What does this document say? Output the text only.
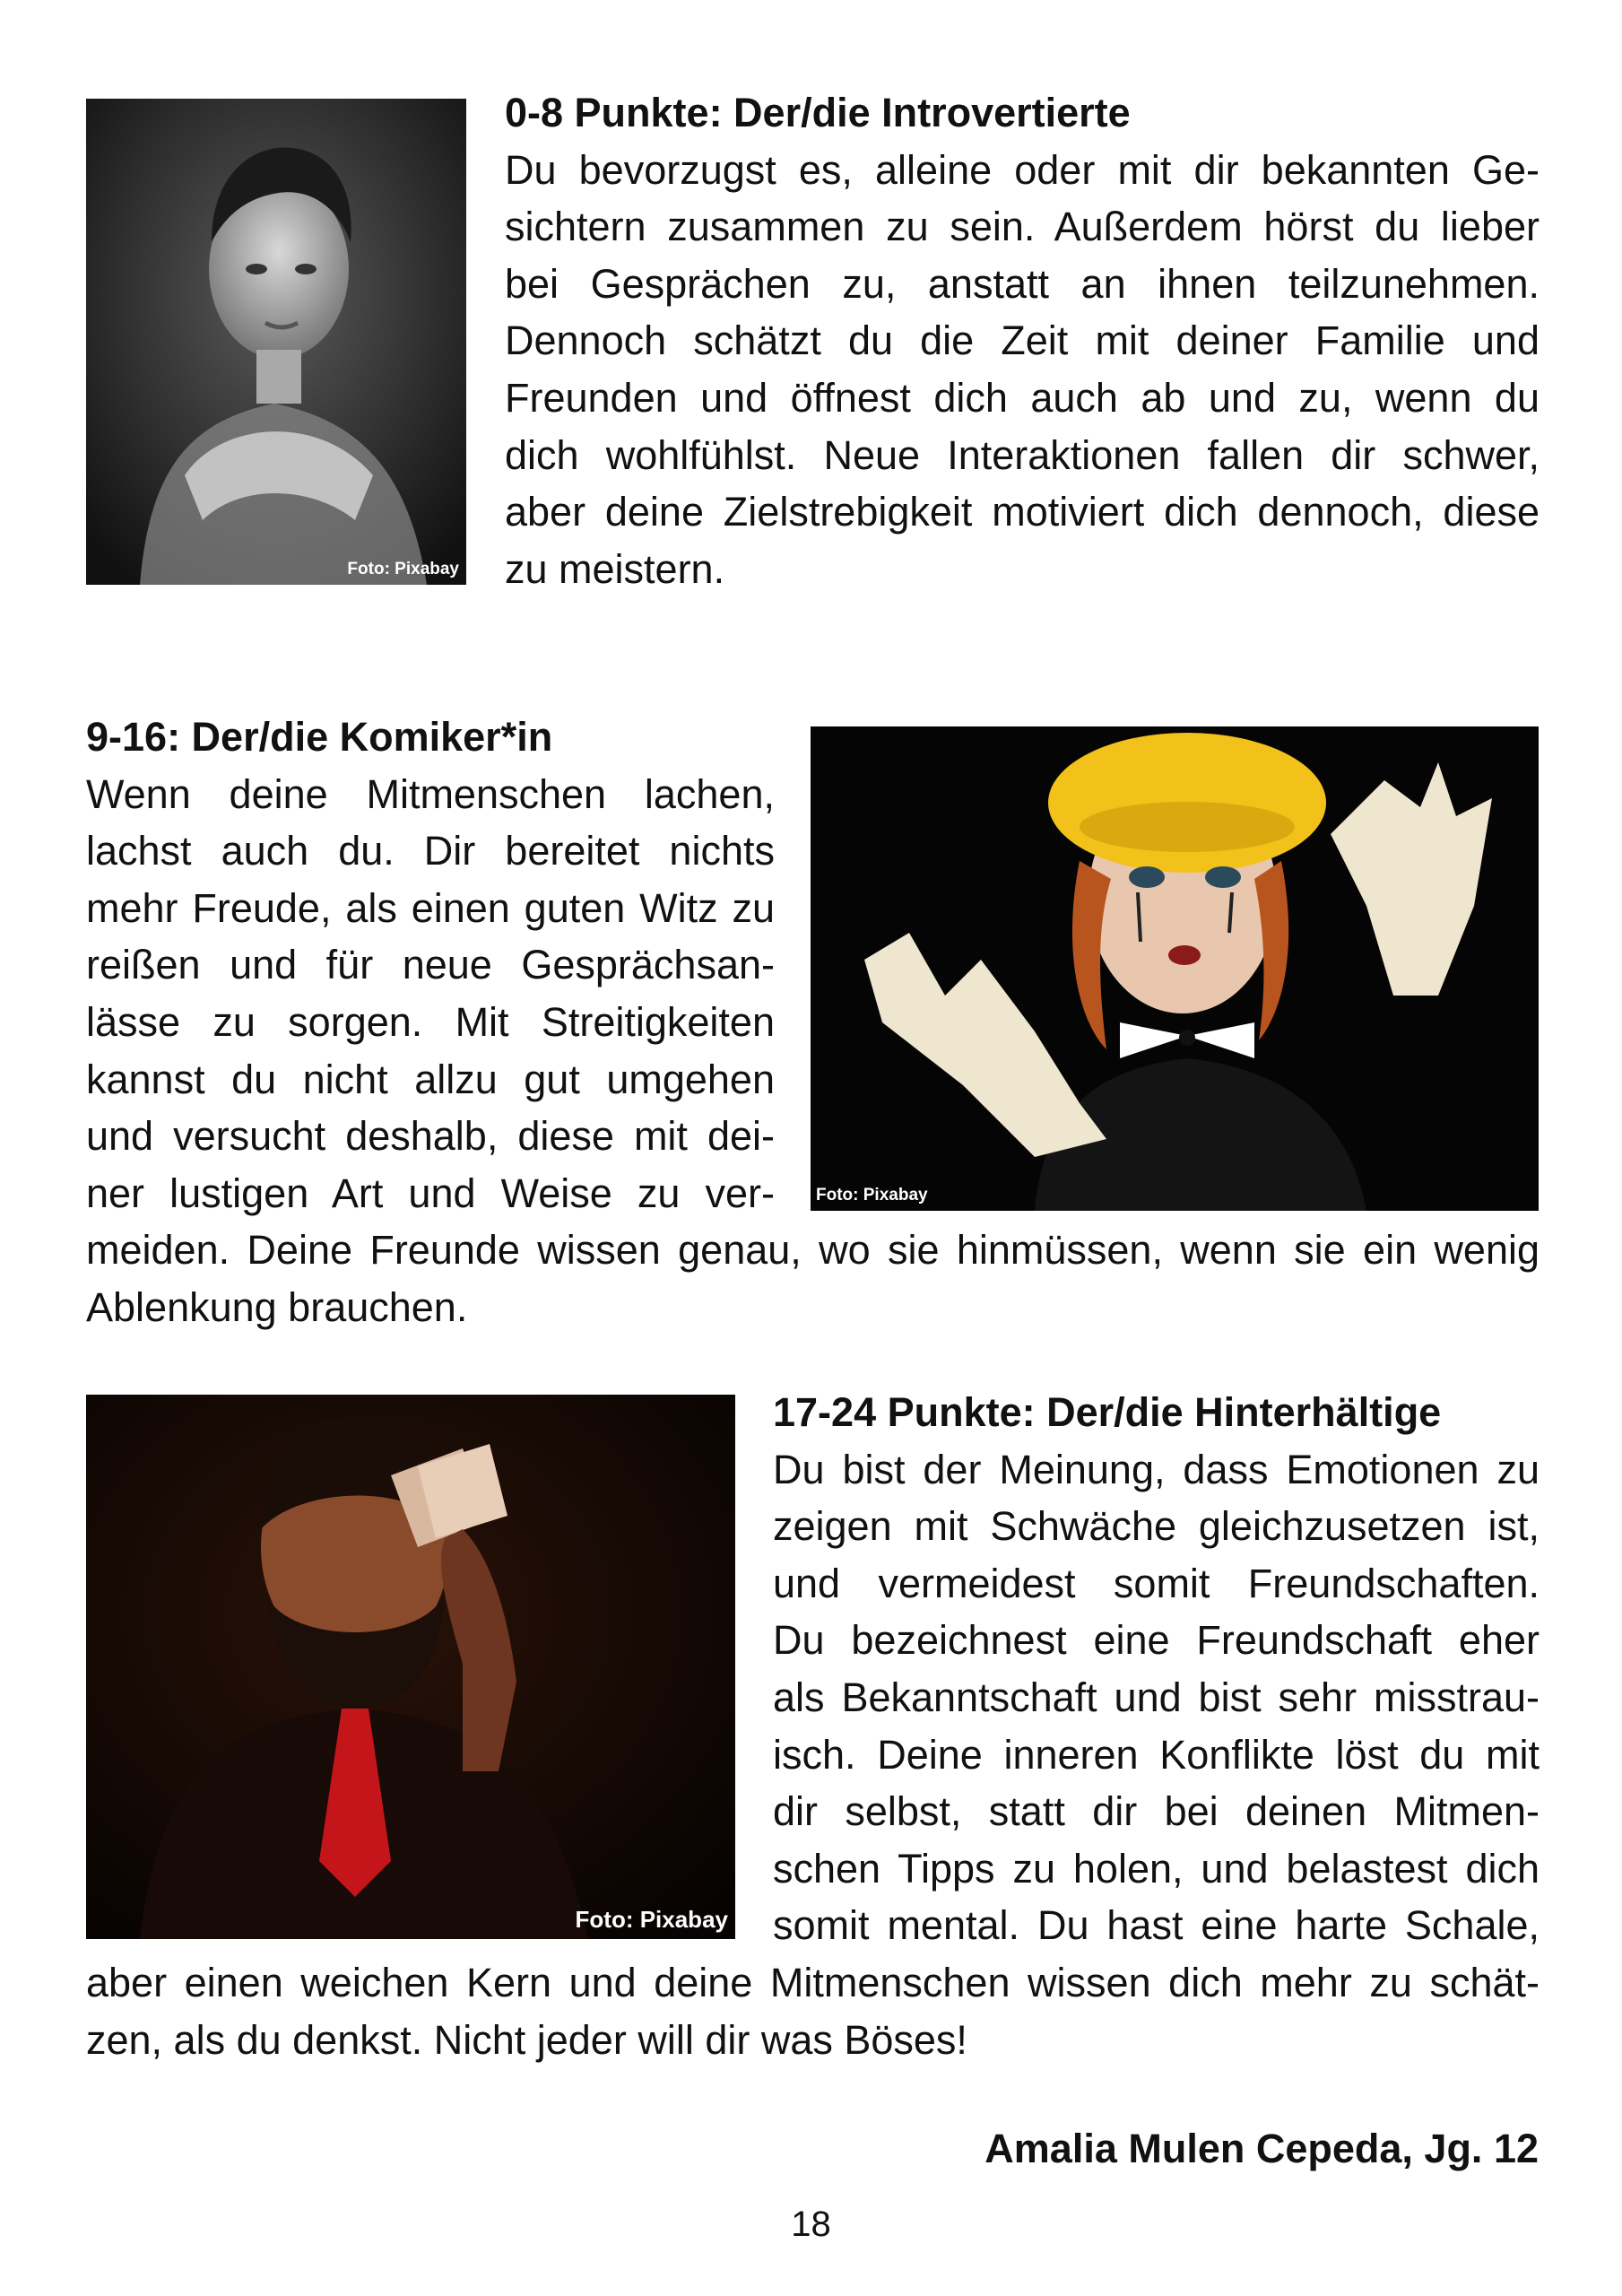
Foto: Pixabay
0-8 Punkte: Der/die Introvertierte
Du bevorzugst es, alleine oder mit dir bekannten Ge-
sichtern zusammen zu sein. Außerdem hörst du lieber
bei Gesprächen zu, anstatt an ihnen teilzunehmen.
Dennoch schätzt du die Zeit mit deiner Familie und
Freunden und öffnest dich auch ab und zu, wenn du
dich wohlfühlst. Neue Interaktionen fallen dir schwer,
aber deine Zielstrebigkeit motiviert dich dennoch, diese
zu meistern.
9-16: Der/die Komiker*in
Wenn deine Mitmenschen lachen,
lachst auch du. Dir bereitet nichts
mehr Freude, als einen guten Witz zu
reißen und für neue Gesprächsan-
lässe zu sorgen. Mit Streitigkeiten
kannst du nicht allzu gut umgehen
und versucht deshalb, diese mit dei-
ner lustigen Art und Weise zu ver-
meiden. Deine Freunde wissen genau, wo sie hinmüssen, wenn sie ein wenig
Ablenkung brauchen.
Foto: Pixabay
Foto: Pixabay
17-24 Punkte: Der/die Hinterhältige
Du bist der Meinung, dass Emotionen zu
zeigen mit Schwäche gleichzusetzen ist,
und vermeidest somit Freundschaften.
Du bezeichnest eine Freundschaft eher
als Bekanntschaft und bist sehr misstrau-
isch. Deine inneren Konflikte löst du mit
dir selbst, statt dir bei deinen Mitmen-
schen Tipps zu holen, und belastest dich
somit mental. Du hast eine harte Schale,
aber einen weichen Kern und deine Mitmenschen wissen dich mehr zu schät-
zen, als du denkst. Nicht jeder will dir was Böses!
Amalia Mulen Cepeda, Jg. 12
18
